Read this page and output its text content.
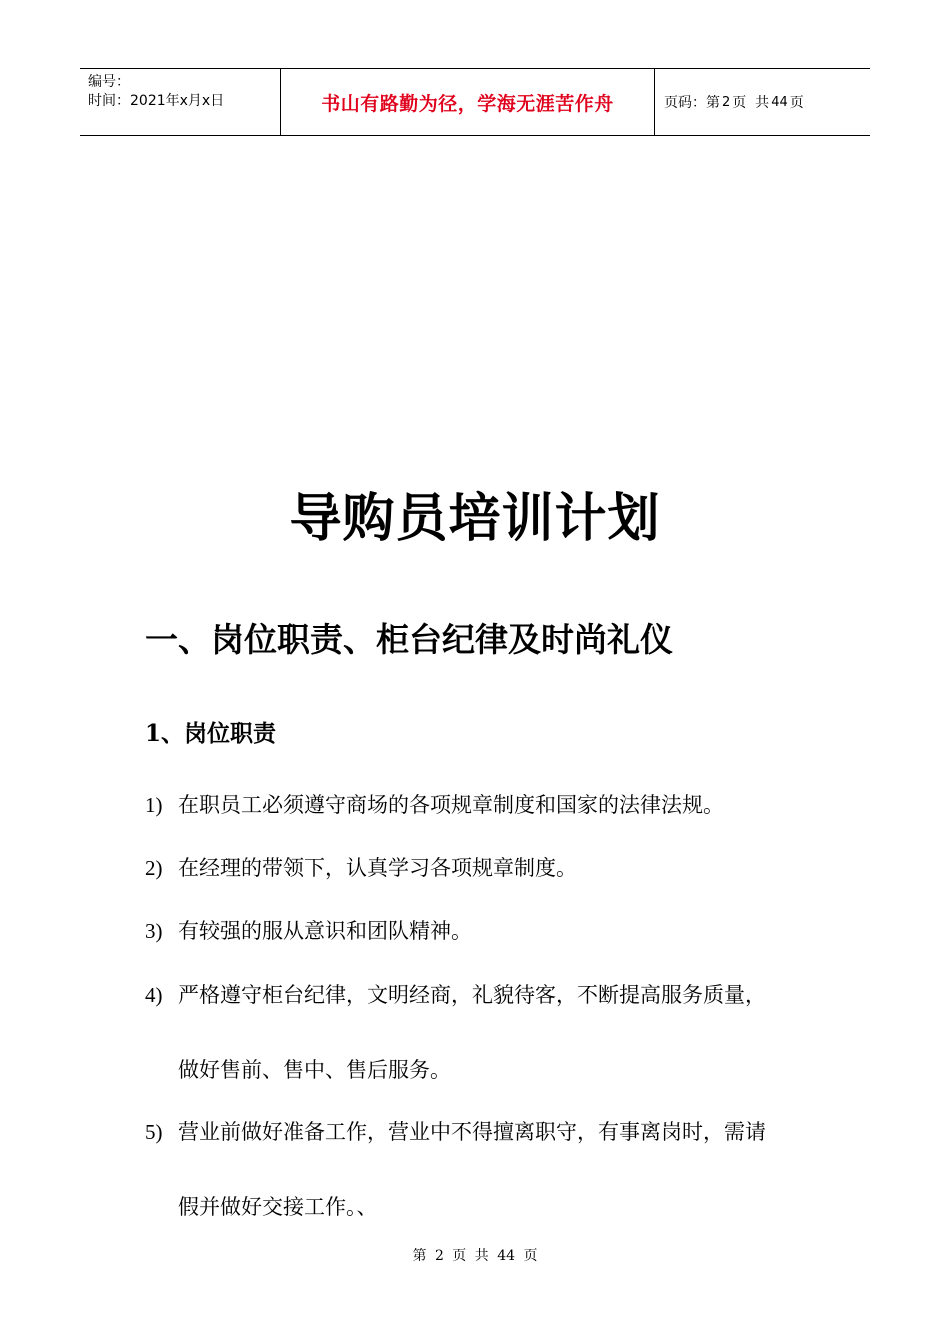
编号：
时间：2021年x月x日	书山有路勤为径，学海无涯苦作舟	页码：第 2 页  共 44 页
导购员培训计划
一、岗位职责、柜台纪律及时尚礼仪
1、岗位职责
1) 在职员工必须遵守商场的各项规章制度和国家的法律法规。
2) 在经理的带领下，认真学习各项规章制度。
3) 有较强的服从意识和团队精神。
4) 严格遵守柜台纪律，文明经商，礼貌待客，不断提高服务质量，
做好售前、售中、售后服务。
5) 营业前做好准备工作，营业中不得擅离职守，有事离岗时，需请
假并做好交接工作。、
第 2 页 共 44 页
